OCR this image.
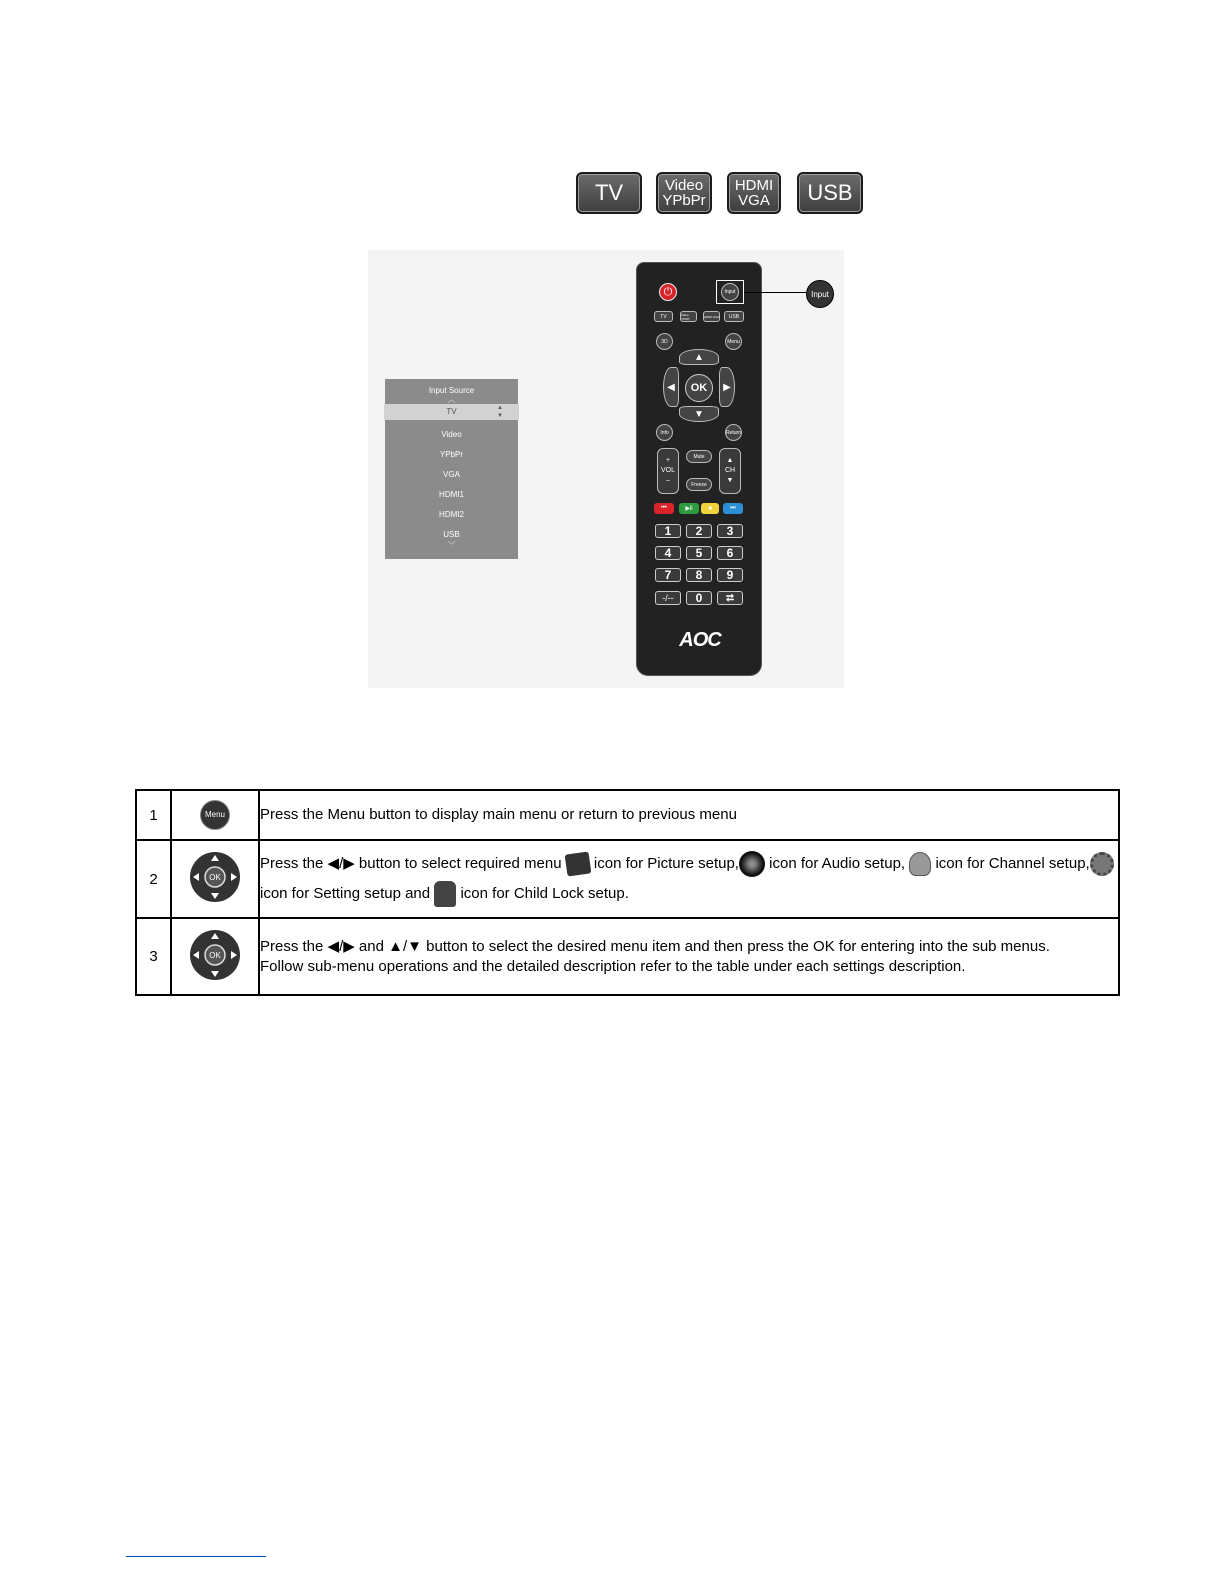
TV	Video
YPbPr
HDMI
VGA USB
Input Source
︿
TV	▲
▼
Video
YPbPr
VGA
HDMI1
HDMI2
USB
﹀
⏻	Input
TV	Video YPbPr	HDMI VGA USB
3D	Menu
▲
▼
◀	▶
OK
Info	Return
+
VOL
–
Mute
Freeze
▲
CH
▼
⏮	▶ll	■	⏭
1 2 3
4 5 6
7 8 9
-/-- 0 ⮂
AOC
Input
1	Menu	Press the Menu button to display main menu or return to previous menu
2	OK	Press the ◀/▶ button to select required menu icon for Picture setup, icon for Audio setup, icon for Channel setup, icon for Setting setup and icon for Child Lock setup.
3	OK	Press the ◀/▶ and ▲/▼ button to select the desired menu item and then press the OK for entering into the sub menus.
Follow sub-menu operations and the detailed description refer to the table under each settings description.
